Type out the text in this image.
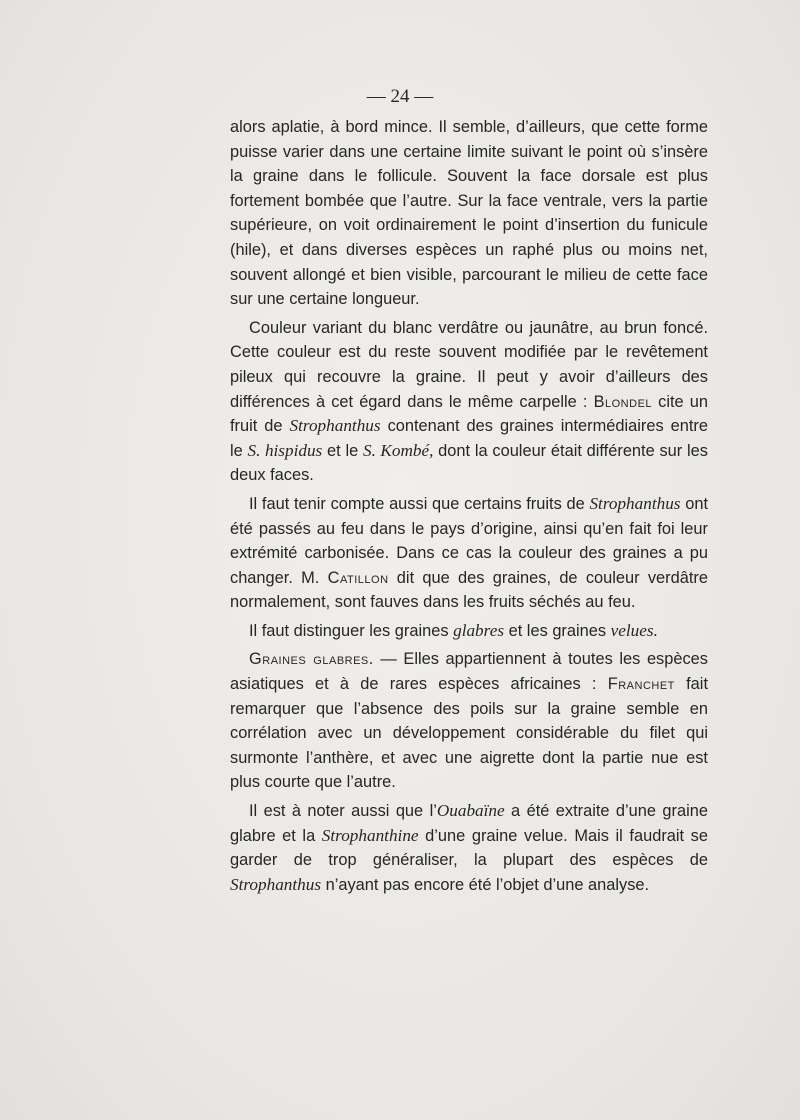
— 24 —

alors aplatie, à bord mince. Il semble, d’ailleurs, que cette forme puisse varier dans une certaine limite suivant le point où s’insère la graine dans le follicule. Souvent la face dorsale est plus fortement bombée que l’autre. Sur la face ventrale, vers la partie supérieure, on voit ordinairement le point d’insertion du funicule (hile), et dans diverses espèces un raphé plus ou moins net, souvent allongé et bien visible, parcourant le milieu de cette face sur une certaine longueur.

Couleur variant du blanc verdâtre ou jaunâtre, au brun foncé. Cette couleur est du reste souvent modifiée par le revêtement pileux qui recouvre la graine. Il peut y avoir d’ailleurs des différences à cet égard dans le même carpelle : Blondel cite un fruit de Strophanthus contenant des graines intermédiaires entre le S. hispidus et le S. Kombé, dont la couleur était différente sur les deux faces.

Il faut tenir compte aussi que certains fruits de Strophanthus ont été passés au feu dans le pays d’origine, ainsi qu’en fait foi leur extrémité carbonisée. Dans ce cas la couleur des graines a pu changer. M. Catillon dit que des graines, de couleur verdâtre normalement, sont fauves dans les fruits séchés au feu.

Il faut distinguer les graines glabres et les graines velues.

Graines glabres. — Elles appartiennent à toutes les espèces asiatiques et à de rares espèces africaines : Franchet fait remarquer que l’absence des poils sur la graine semble en corrélation avec un développement considérable du filet qui surmonte l’anthère, et avec une aigrette dont la partie nue est plus courte que l’autre.

Il est à noter aussi que l’Ouabaïne a été extraite d’une graine glabre et la Strophanthine d’une graine velue. Mais il faudrait se garder de trop généraliser, la plupart des espèces de Strophanthus n’ayant pas encore été l’objet d’une analyse.
